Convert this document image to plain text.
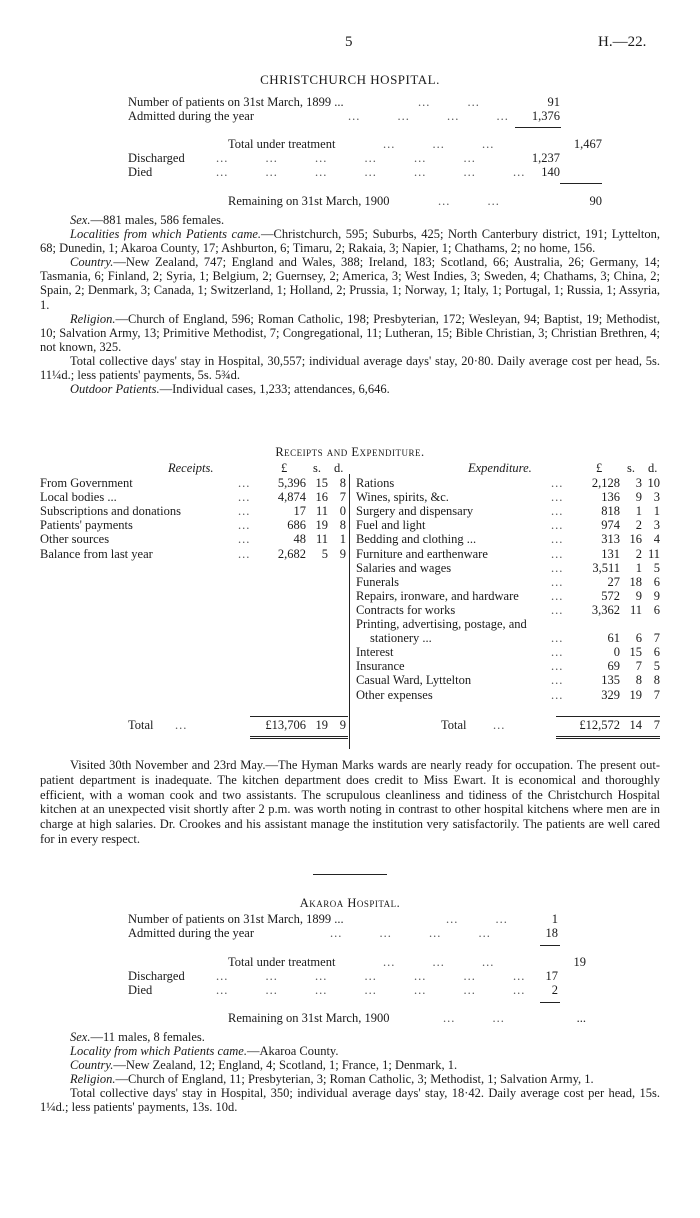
5	H.—22.
CHRISTCHURCH HOSPITAL.
Number of patients on 31st March, 1899 ...	...         ...	91
Admitted during the year	...         ...         ...         ...	1,376
Total under treatment	...         ...         ...	1,467
Discharged	...         ...         ...         ...         ...         ...	1,237
Died	...         ...         ...         ...         ...         ...         ...	140
Remaining on 31st March, 1900	...         ...	90

Sex.—881 males, 586 females.

Localities from which Patients came.—Christchurch, 595; Suburbs, 425; North Canterbury district, 191; Lyttelton, 68; Dunedin, 1; Akaroa County, 17; Ashburton, 6; Timaru, 2; Rakaia, 3; Napier, 1; Chathams, 2; no home, 156.

Country.—New Zealand, 747; England and Wales, 388; Ireland, 183; Scotland, 66; Australia, 26; Germany, 14; Tasmania, 6; Finland, 2; Syria, 1; Belgium, 2; Guernsey, 2; America, 3; West Indies, 3; Sweden, 4; Chathams, 3; China, 2; Spain, 2; Denmark, 3; Canada, 1; Switzerland, 1; Holland, 2; Prussia, 1; Norway, 1; Italy, 1; Portugal, 1; Russia, 1; Assyria, 1.

Religion.—Church of England, 596; Roman Catholic, 198; Presbyterian, 172; Wesleyan, 94; Baptist, 19; Methodist, 10; Salvation Army, 13; Primitive Methodist, 7; Congregational, 11; Lutheran, 15; Bible Christian, 3; Christian Brethren, 4; not known, 325.

Total collective days' stay in Hospital, 30,557; individual average days' stay, 20·80. Daily average cost per head, 5s. 11¼d.; less patients' payments, 5s. 5¾d.

Outdoor Patients.—Individual cases, 1,233; attendances, 6,646.

Receipts and Expenditure.
Receipts.	Expenditure.
£ s. d.	£ s. d.
From Government	...	5,396 15 8
Local bodies ...	...	4,874 16 7
Subscriptions and donations	...	17 11 0
Patients' payments	...	686 19 8
Other sources	...	48 11 1
Balance from last year	...	2,682	5 9
Rations	...	2,128	3 10
Wines, spirits, &c.	...	136	9 3
Surgery and dispensary	...	818	1 1
Fuel and light	...	974	2 3
Bedding and clothing ...	...	313 16 4
Furniture and earthenware	...	131	2 11
Salaries and wages	...	3,511	1 5
Funerals	...	27 18 6
Repairs, ironware, and hardware	...	572	9 9
Contracts for works	...	3,362 11 6
Printing, advertising, postage, and
stationery ...	...	61	6 7
Interest	...	0 15 6
Insurance	...	69	7 5
Casual Ward, Lyttelton	...	135	8 8
Other expenses	...	329 19 7
Total ...	£13,706 19 9	Total ...	£12,572 14 7

Visited 30th November and 23rd May.—The Hyman Marks wards are nearly ready for occupation. The present out-patient department is inadequate. The kitchen department does credit to Miss Ewart. It is economical and thoroughly efficient, with a woman cook and two assistants. The scrupulous cleanliness and tidiness of the Christchurch Hospital kitchen at an unexpected visit shortly after 2 p.m. was worth noting in contrast to other hospital kitchens where men are in charge at high salaries. Dr. Crookes and his assistant manage the institution very satisfactorily. The patients are well cared for in every respect.

Akaroa Hospital.
Number of patients on 31st March, 1899 ...	...         ...	1
Admitted during the year	...         ...         ...         ...	18
Total under treatment	...         ...         ...	19
Discharged	...         ...         ...         ...         ...         ...         ...	17
Died	...         ...         ...         ...         ...         ...         ...	2
Remaining on 31st March, 1900	...         ...	...

Sex.—11 males, 8 females.

Locality from which Patients came.—Akaroa County.

Country.—New Zealand, 12; England, 4; Scotland, 1; France, 1; Denmark, 1.

Religion.—Church of England, 11; Presbyterian, 3; Roman Catholic, 3; Methodist, 1; Salvation Army, 1.

Total collective days' stay in Hospital, 350; individual average days' stay, 18·42. Daily average cost per head, 15s. 1¼d.; less patients' payments, 13s. 10d.
